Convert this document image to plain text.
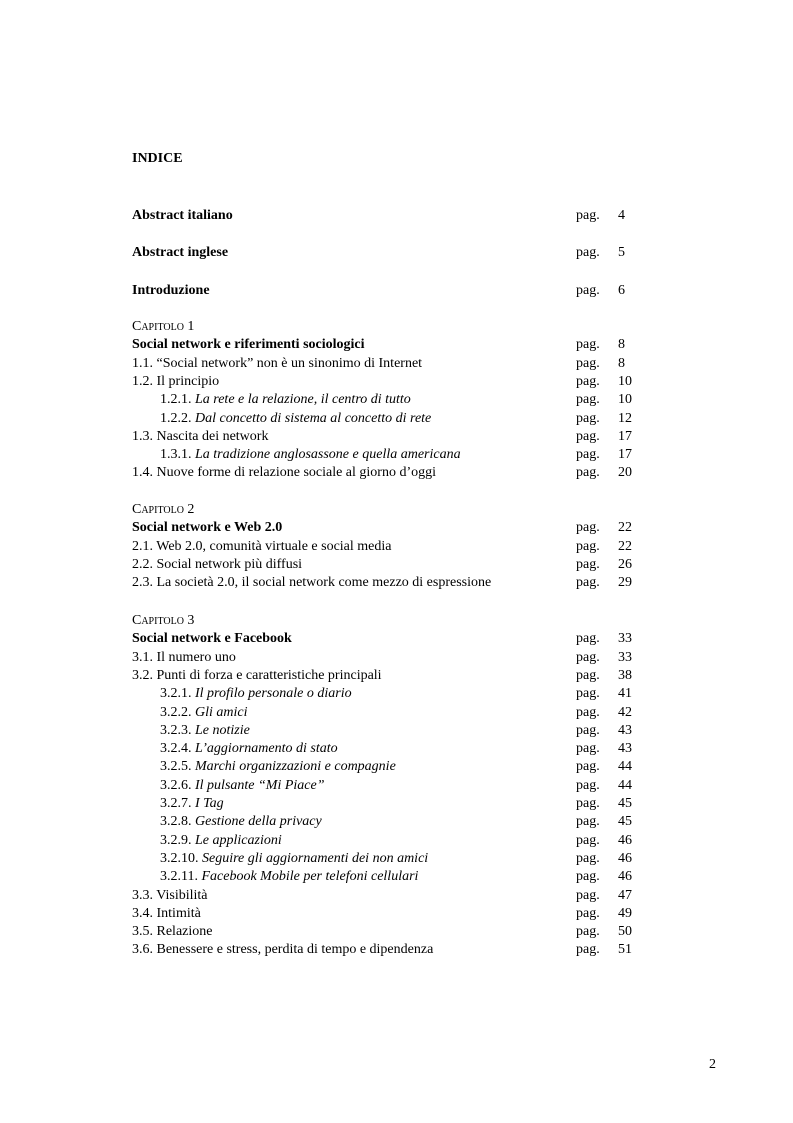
INDICE
Abstract italiano	pag. 4
Abstract inglese	pag. 5
Introduzione	pag. 6
Capitolo 1
Social network e riferimenti sociologici	pag. 8
1.1. “Social network” non è un sinonimo di Internet	pag. 8
1.2. Il principio	pag. 10
1.2.1. La rete e la relazione, il centro di tutto	pag. 10
1.2.2. Dal concetto di sistema al concetto di rete	pag. 12
1.3. Nascita dei network	pag. 17
1.3.1. La tradizione anglosassone e quella americana	pag. 17
1.4. Nuove forme di relazione sociale al giorno d’oggi	pag. 20
Capitolo 2
Social network e Web 2.0	pag. 22
2.1. Web 2.0, comunità virtuale e social media	pag. 22
2.2. Social network più diffusi	pag. 26
2.3. La società 2.0, il social network come mezzo di espressione	pag. 29
Capitolo 3
Social network e Facebook	pag. 33
3.1. Il numero uno	pag. 33
3.2. Punti di forza e caratteristiche principali	pag. 38
3.2.1. Il profilo personale o diario	pag. 41
3.2.2. Gli amici	pag. 42
3.2.3. Le notizie	pag. 43
3.2.4. L’aggiornamento di stato	pag. 43
3.2.5. Marchi organizzazioni e compagnie	pag. 44
3.2.6. Il pulsante “Mi Piace”	pag. 44
3.2.7. I Tag	pag. 45
3.2.8. Gestione della privacy	pag. 45
3.2.9. Le applicazioni	pag. 46
3.2.10. Seguire gli aggiornamenti dei non amici	pag. 46
3.2.11. Facebook Mobile per telefoni cellulari	pag. 46
3.3. Visibilità	pag. 47
3.4. Intimità	pag. 49
3.5. Relazione	pag. 50
3.6. Benessere e stress, perdita di tempo e dipendenza	pag. 51
2
